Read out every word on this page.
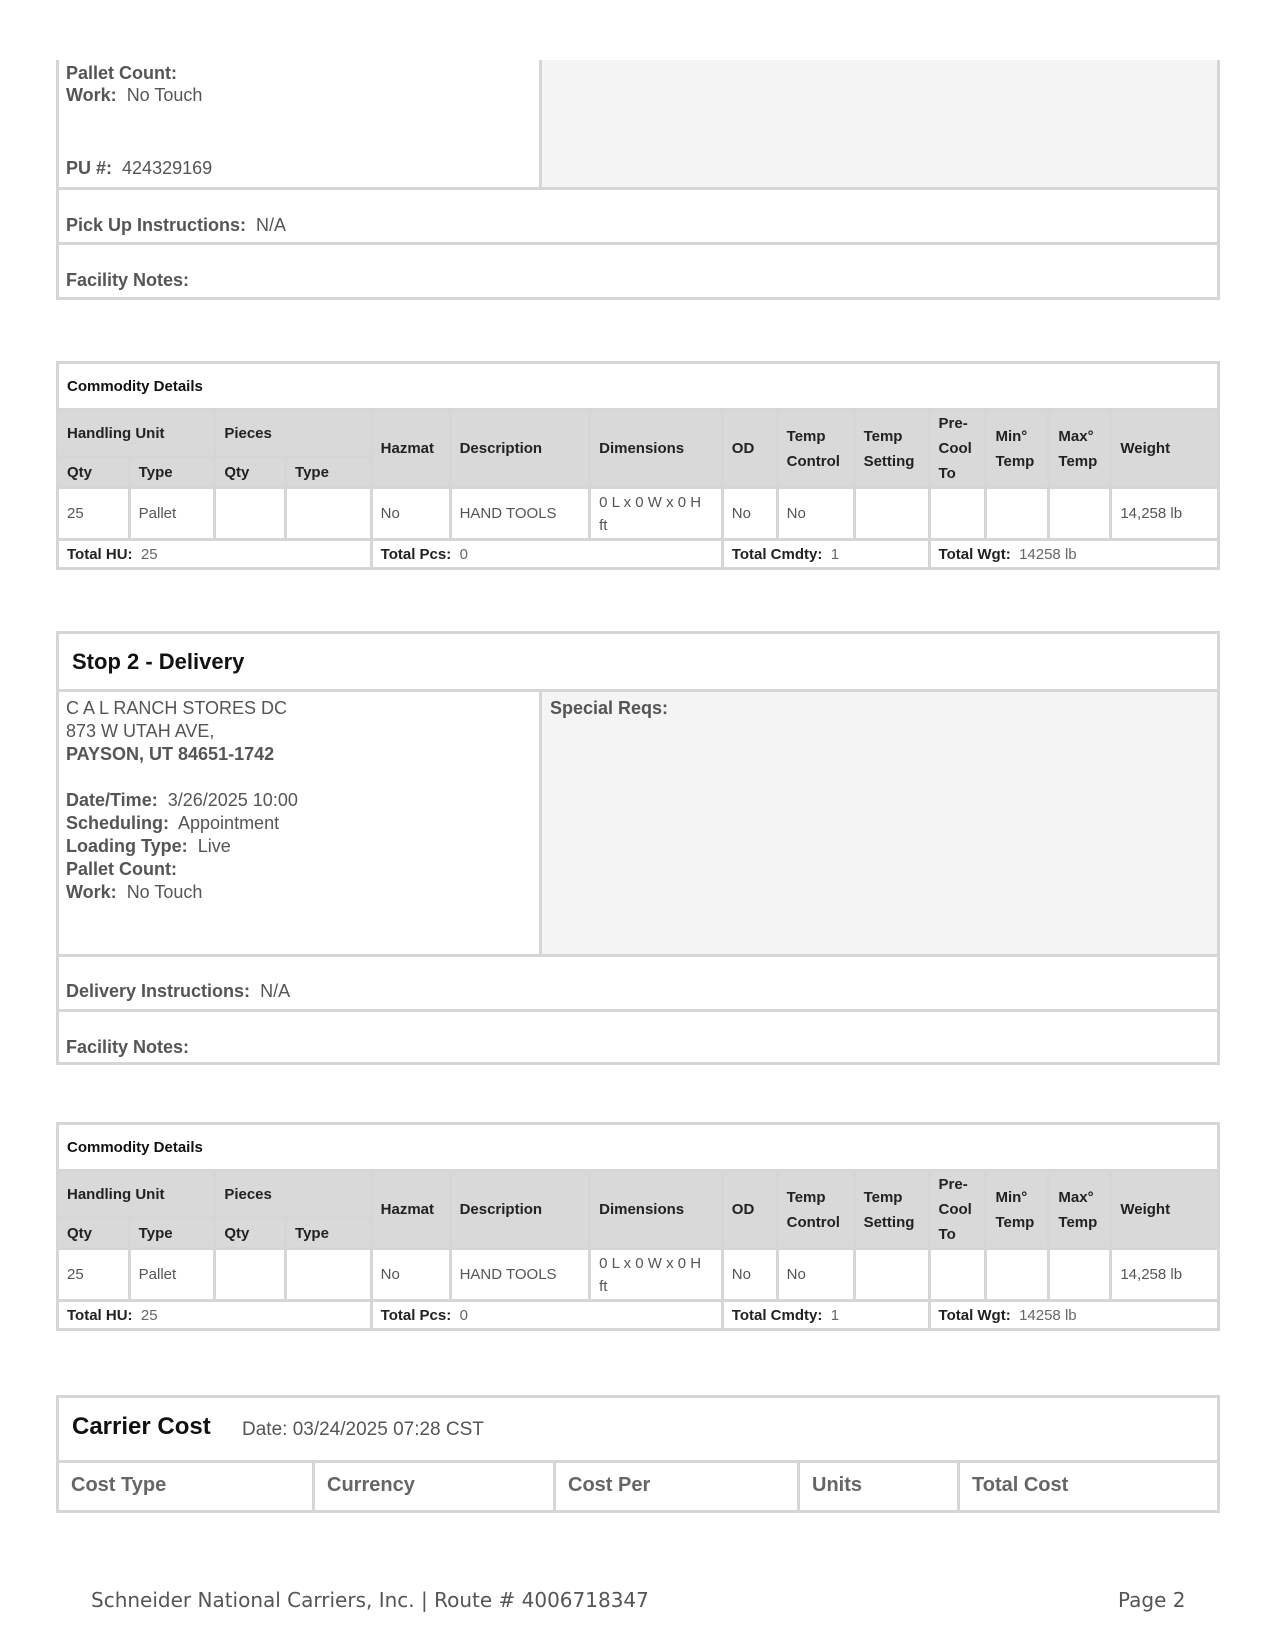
Pallet Count:
Work: No Touch
PU #: 424329169
Pick Up Instructions: N/A
Facility Notes:
Commodity Details													
Handling Unit		Pieces		Hazmat	Description	Dimensions	OD	Temp Control	Temp Setting	Pre-Cool To	Min° Temp	Max° Temp	Weight
Qty	Type	Qty	Type										
25	Pallet			No	HAND TOOLS	0 L x 0 W x 0 H ft	No	No					14,258 lb
Total HU: 25				Total Pcs: 0			Total Cmdty: 1			Total Wgt: 14258 lb			
Stop 2 - Delivery
C A L RANCH STORES DC
873 W UTAH AVE,
PAYSON, UT 84651-1742
Date/Time: 3/26/2025 10:00
Scheduling: Appointment
Loading Type: Live
Pallet Count:
Work: No Touch
Special Reqs:
Delivery Instructions: N/A
Facility Notes:
Commodity Details													
Handling Unit		Pieces		Hazmat	Description	Dimensions	OD	Temp Control	Temp Setting	Pre-Cool To	Min° Temp	Max° Temp	Weight
Qty	Type	Qty	Type										
25	Pallet			No	HAND TOOLS	0 L x 0 W x 0 H ft	No	No					14,258 lb
Total HU: 25				Total Pcs: 0			Total Cmdty: 1			Total Wgt: 14258 lb			
Carrier Cost Date: 03/24/2025 07:28 CST
Cost Type	Currency	Cost Per	Units	Total Cost
Schneider National Carriers, Inc. | Route # 4006718347	Page 2
